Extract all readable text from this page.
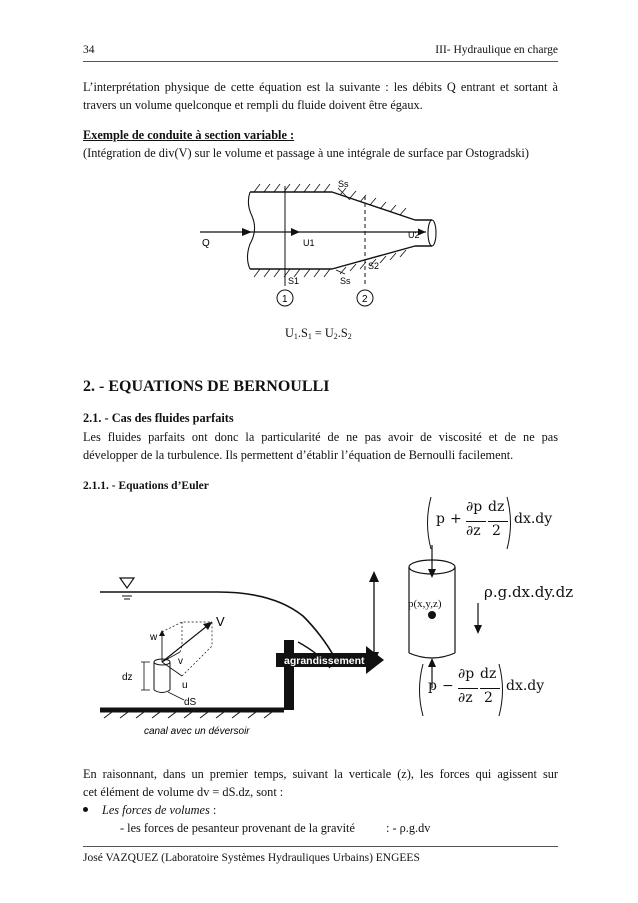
34	III- Hydraulique en charge
L’interprétation physique de cette équation est la suivante : les débits Q entrant et sortant à
travers un volume quelconque et rempli du fluide doivent être égaux.
Exemple de conduite à section variable :
(Intégration de div(V) sur le volume et passage à une intégrale de surface par Ostogradski)
Q
Ss
U1
U2
S2
Ss
S1
1	2
U1.S1 = U2.S2
2. - EQUATIONS DE BERNOULLI
2.1. - Cas des fluides parfaits
Les fluides parfaits ont donc la particularité de ne pas avoir de viscosité et de ne pas
développer de la turbulence. Ils permettent d’établir l’équation de Bernoulli facilement.
2.1.1. - Equations d’Euler
w
v
u
V
dz
dS
canal avec un déversoir
agrandissement
p(x,y,z)
ρ.g.dx.dy.dz
p +
∂p
∂z
dz
2
dx.dy
p −
∂p
∂z
dz
2
dx.dy
En raisonnant, dans un premier temps, suivant la verticale (z), les forces qui agissent sur
cet élément de volume dv = dS.dz, sont :
Les forces de volumes :
- les forces de pesanteur provenant de la gravité	: - ρ.g.dv
José VAZQUEZ (Laboratoire Systèmes Hydrauliques Urbains) ENGEES
